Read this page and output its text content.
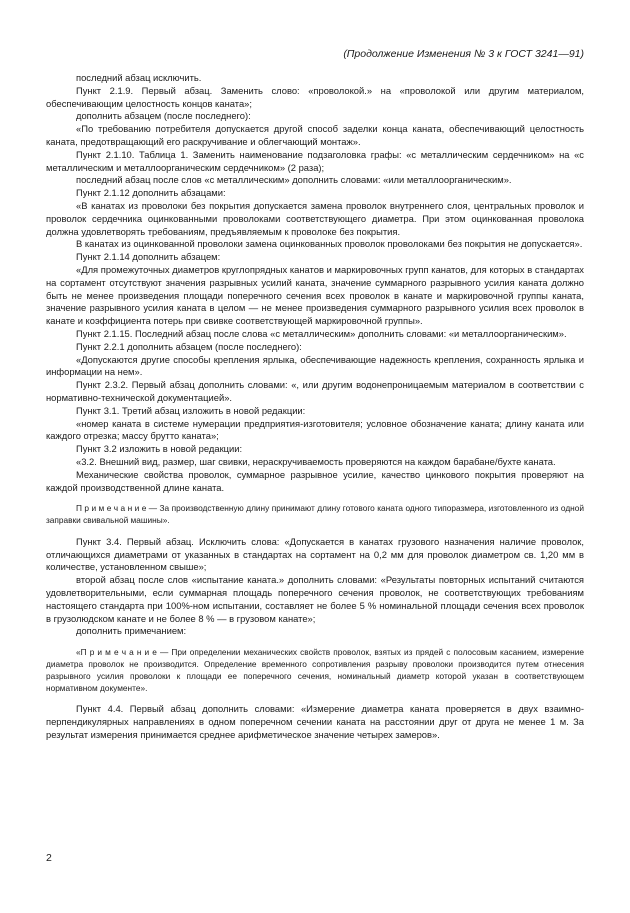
(Продолжение Изменения № 3 к ГОСТ 3241—91)

последний абзац исключить.

Пункт 2.1.9. Первый абзац. Заменить слово: «проволокой.» на «проволокой или другим материалом, обеспечивающим целостность концов каната»;

дополнить абзацем (после последнего):

«По требованию потребителя допускается другой способ заделки конца каната, обеспечивающий целостность каната, предотвращающий его раскручивание и облегчающий монтаж».

Пункт 2.1.10. Таблица 1. Заменить наименование подзаголовка графы: «с металлическим сердечником» на «с металлическим и металлоорганическим сердечником» (2 раза);

последний абзац после слов «с металлическим» дополнить словами: «или металлоорганическим».

Пункт 2.1.12 дополнить абзацами:

«В канатах из проволоки без покрытия допускается замена проволок внутреннего слоя, центральных проволок и проволок сердечника оцинкованными проволоками соответствующего диаметра. При этом оцинкованная проволока должна удовлетворять требованиям, предъявляемым к проволоке без покрытия.

В канатах из оцинкованной проволоки замена оцинкованных проволок проволоками без покрытия не допускается».

Пункт 2.1.14 дополнить абзацем:

«Для промежуточных диаметров круглопрядных канатов и маркировочных групп канатов, для которых в стандартах на сортамент отсутствуют значения разрывных усилий каната, значение суммарного разрывного усилия каната должно быть не менее произведения площади поперечного сечения всех проволок в канате и маркировочной группы каната, значение разрывного усилия каната в целом — не менее произведения суммарного разрывного усилия всех проволок в канате и коэффициента потерь при свивке соответствующей маркировочной группы».

Пункт 2.1.15. Последний абзац после слова «с металлическим» дополнить словами: «и металлоорганическим».

Пункт 2.2.1 дополнить абзацем (после последнего):

«Допускаются другие способы крепления ярлыка, обеспечивающие надежность крепления, сохранность ярлыка и информации на нем».

Пункт 2.3.2. Первый абзац дополнить словами: «, или другим водонепроницаемым материалом в соответствии с нормативно-технической документацией».

Пункт 3.1. Третий абзац изложить в новой редакции:

«номер каната в системе нумерации предприятия-изготовителя; условное обозначение каната; длину каната или каждого отрезка; массу брутто каната»;

Пункт 3.2 изложить в новой редакции:

«3.2. Внешний вид, размер, шаг свивки, нераскручиваемость проверяются на каждом барабане/бухте каната.

Механические свойства проволок, суммарное разрывное усилие, качество цинкового покрытия проверяют на каждой производственной длине каната.

П р и м е ч а н и е — За производственную длину принимают длину готового каната одного типоразмера, изготовленного из одной заправки свивальной машины».

Пункт 3.4. Первый абзац. Исключить слова: «Допускается в канатах грузового назначения наличие проволок, отличающихся диаметрами от указанных в стандартах на сортамент на 0,2 мм для проволок диаметром св. 1,20 мм в количестве, установленном свыше»;

второй абзац после слов «испытание каната.» дополнить словами: «Результаты повторных испытаний считаются удовлетворительными, если суммарная площадь поперечного сечения проволок, не соответствующих требованиям настоящего стандарта при 100%-ном испытании, составляет не более 5 % номинальной площади сечения всех проволок в грузолюдском канате и не более 8 % — в грузовом канате»;

дополнить примечанием:

«П р и м е ч а н и е — При определении механических свойств проволок, взятых из прядей с полосовым касанием, измерение диаметра проволок не производится. Определение временного сопротивления разрыву проволоки производится путем отнесения разрывного усилия проволоки к площади ее поперечного сечения, номинальный диаметр которой указан в соответствующем нормативном документе».

Пункт 4.4. Первый абзац дополнить словами: «Измерение диаметра каната проверяется в двух взаимно-перпендикулярных направлениях в одном поперечном сечении каната на расстоянии друг от друга не менее 1 м. За результат измерения принимается среднее арифметическое значение четырех замеров».

2
